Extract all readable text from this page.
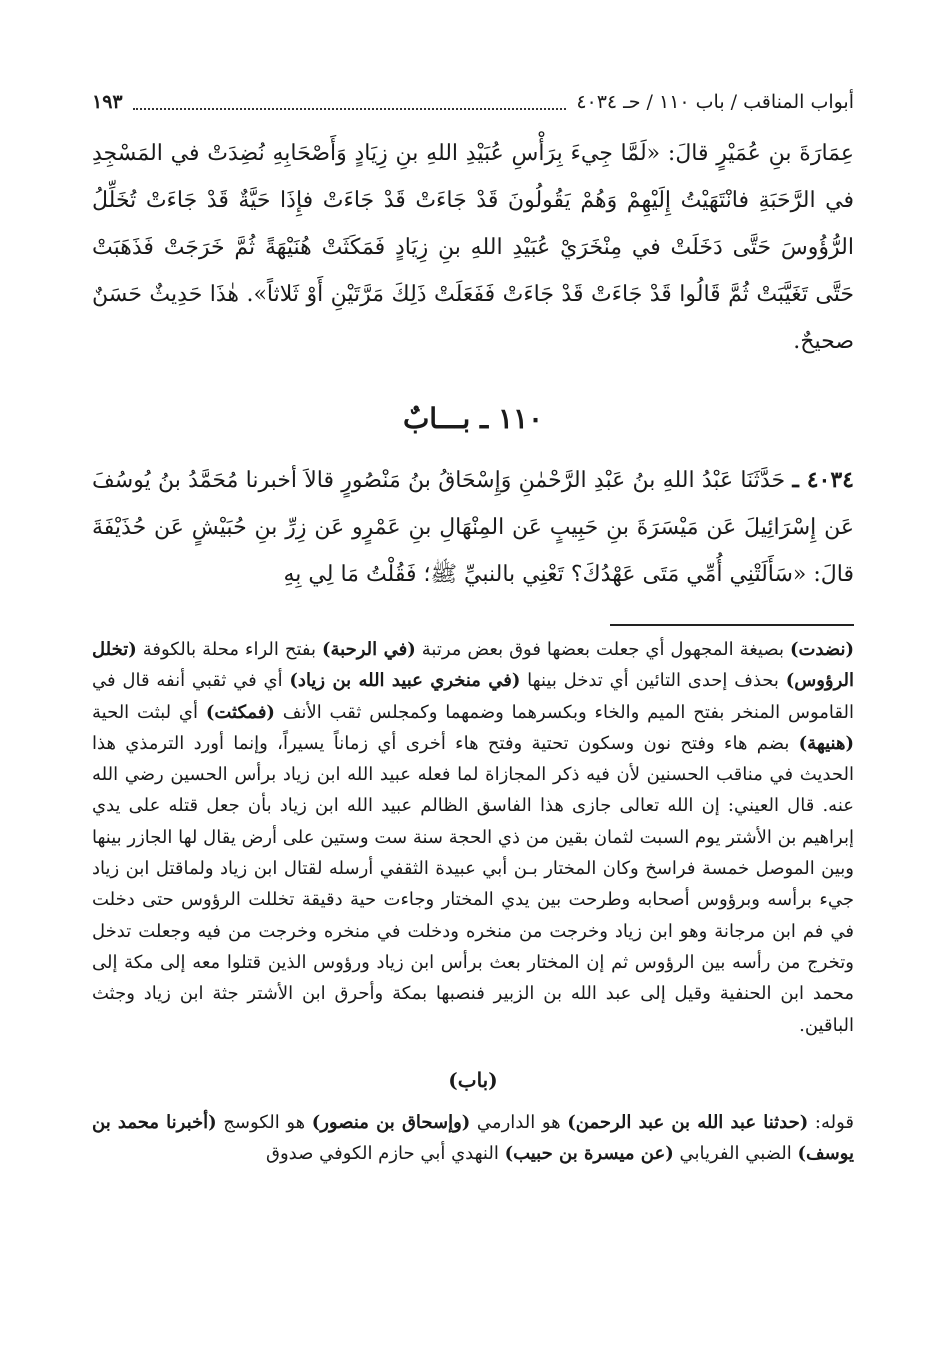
أبواب المناقب / باب ١١٠ / حـ ٤٠٣٤
١٩٣
عِمَارَةَ بنِ عُمَيْرٍ قالَ: «لَمَّا جِيءَ بِرَأْسِ عُبَيْدِ اللهِ بنِ زِيَادٍ وَأَصْحَابِهِ نُضِدَتْ في المَسْجِدِ في الرَّحَبَةِ فانْتَهَيْتُ إِلَيْهِمْ وَهُمْ يَقُولُونَ قَدْ جَاءَتْ قَدْ جَاءَتْ فإِذَا حَيَّةٌ قَدْ جَاءَتْ تُخَلِّلُ الرُّؤُوسَ حَتَّى دَخَلَتْ في مِنْخَرَيْ عُبَيْدِ اللهِ بنِ زِيَادٍ فَمَكَثَتْ هُنَيْهَةً ثُمَّ خَرَجَتْ فَذَهَبَتْ حَتَّى تَغَيَّبَتْ ثُمَّ قَالُوا قَدْ جَاءَتْ قَدْ جَاءَتْ فَفَعَلَتْ ذَلِكَ مَرَّتَيْنِ أَوْ ثَلاثاً». هٰذَا حَدِيثٌ حَسَنٌ صحيحٌ.
١١٠ ـ بـــابٌ
٤٠٣٤ ـ حَدَّثَنَا عَبْدُ اللهِ بنُ عَبْدِ الرَّحْمٰنِ وَإِسْحَاقُ بنُ مَنْصُورٍ قالاَ أخبرنا مُحَمَّدُ بنُ يُوسُفَ عَن إِسْرَائِيلَ عَن مَيْسَرَةَ بنِ حَبِيبٍ عَن المِنْهَالِ بنِ عَمْرٍو عَن زِرِّ بنِ حُبَيْشٍ عَن حُذَيْفَةَ قالَ: «سَأَلَتْنِي أُمِّي مَتَى عَهْدُكَ؟ تَعْنِي بالنبيِّ ﷺ؛ فَقُلْتُ مَا لِي بِهِ
(نضدت) بصيغة المجهول أي جعلت بعضها فوق بعض مرتبة (في الرحبة) بفتح الراء محلة بالكوفة (تخلل الرؤوس) بحذف إحدى التائين أي تدخل بينها (في منخري عبيد الله بن زياد) أي في ثقبي أنفه قال في القاموس المنخر بفتح الميم والخاء وبكسرهما وضمهما وكمجلس ثقب الأنف (فمكثت) أي لبثت الحية (هنيهة) بضم هاء وفتح نون وسكون تحتية وفتح هاء أخرى أي زماناً يسيراً، وإنما أورد الترمذي هذا الحديث في مناقب الحسنين لأن فيه ذكر المجازاة لما فعله عبيد الله ابن زياد برأس الحسين رضي الله عنه. قال العيني: إن الله تعالى جازى هذا الفاسق الظالم عبيد الله ابن زياد بأن جعل قتله على يدي إبراهيم بن الأشتر يوم السبت لثمان بقين من ذي الحجة سنة ست وستين على أرض يقال لها الجازر بينها وبين الموصل خمسة فراسخ وكان المختار بـن أبي عبيدة الثقفي أرسله لقتال ابن زياد ولماقتل ابن زياد جيء برأسه وبرؤوس أصحابه وطرحت بين يدي المختار وجاءت حية دقيقة تخللت الرؤوس حتى دخلت في فم ابن مرجانة وهو ابن زياد وخرجت من منخره ودخلت في منخره وخرجت من فيه وجعلت تدخل وتخرج من رأسه بين الرؤوس ثم إن المختار بعث برأس ابن زياد ورؤوس الذين قتلوا معه إلى مكة إلى محمد ابن الحنفية وقيل إلى عبد الله بن الزبير فنصبها بمكة وأحرق ابن الأشتر جثة ابن زياد وجثث الباقين.
(باب)
قوله: (حدثنا عبد الله بن عبد الرحمن) هو الدارمي (وإسحاق بن منصور) هو الكوسج (أخبرنا محمد بن يوسف) الضبي الفريابي (عن ميسرة بن حبيب) النهدي أبي حازم الكوفي صدوق
